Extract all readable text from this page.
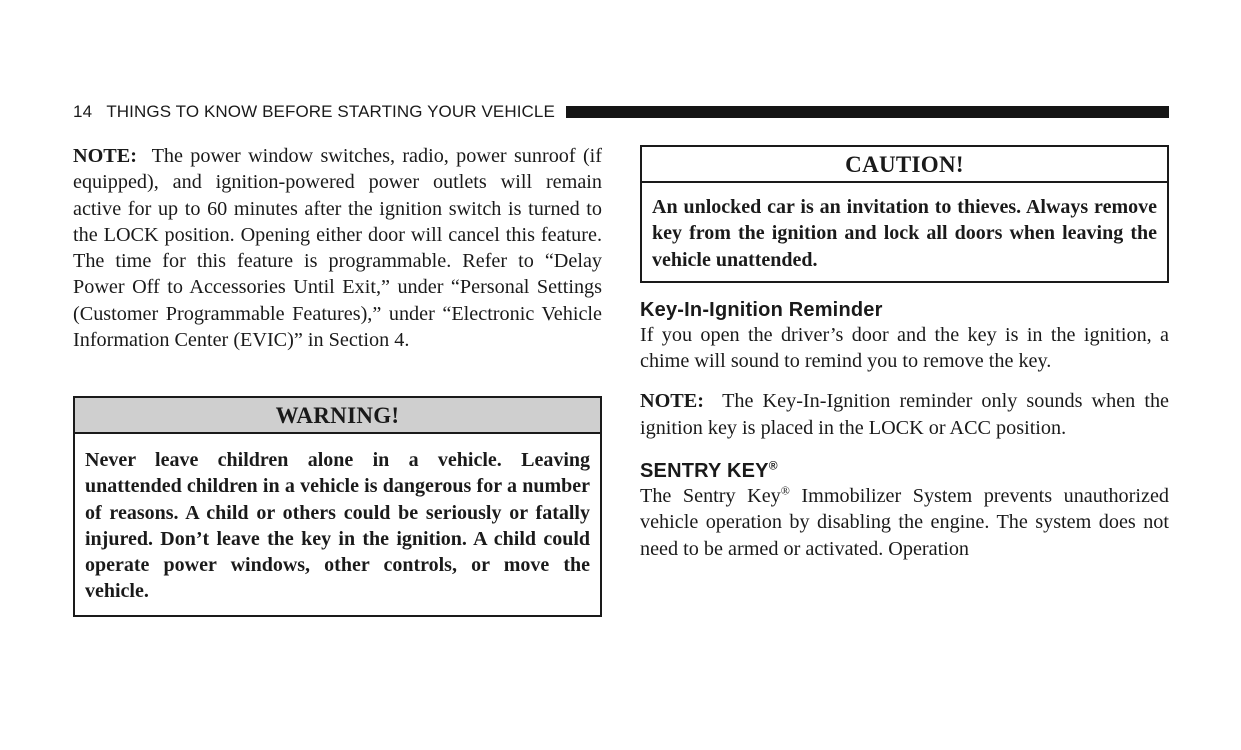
14 THINGS TO KNOW BEFORE STARTING YOUR VEHICLE

NOTE: The power window switches, radio, power sunroof (if equipped), and ignition-powered power outlets will remain active for up to 60 minutes after the ignition switch is turned to the LOCK position. Opening either door will cancel this feature. The time for this feature is programmable. Refer to “Delay Power Off to Accessories Until Exit,” under “Personal Settings (Customer Programmable Features),” under “Electronic Vehicle Information Center (EVIC)” in Section 4.

WARNING!
Never leave children alone in a vehicle. Leaving unattended children in a vehicle is dangerous for a number of reasons. A child or others could be seriously or fatally injured. Don’t leave the key in the ignition. A child could operate power windows, other controls, or move the vehicle.
CAUTION!
An unlocked car is an invitation to thieves. Always remove key from the ignition and lock all doors when leaving the vehicle unattended.
Key-In-Ignition Reminder

If you open the driver’s door and the key is in the ignition, a chime will sound to remind you to remove the key.

NOTE: The Key-In-Ignition reminder only sounds when the ignition key is placed in the LOCK or ACC position.

SENTRY KEY®

The Sentry Key® Immobilizer System prevents unauthorized vehicle operation by disabling the engine. The system does not need to be armed or activated. Operation
